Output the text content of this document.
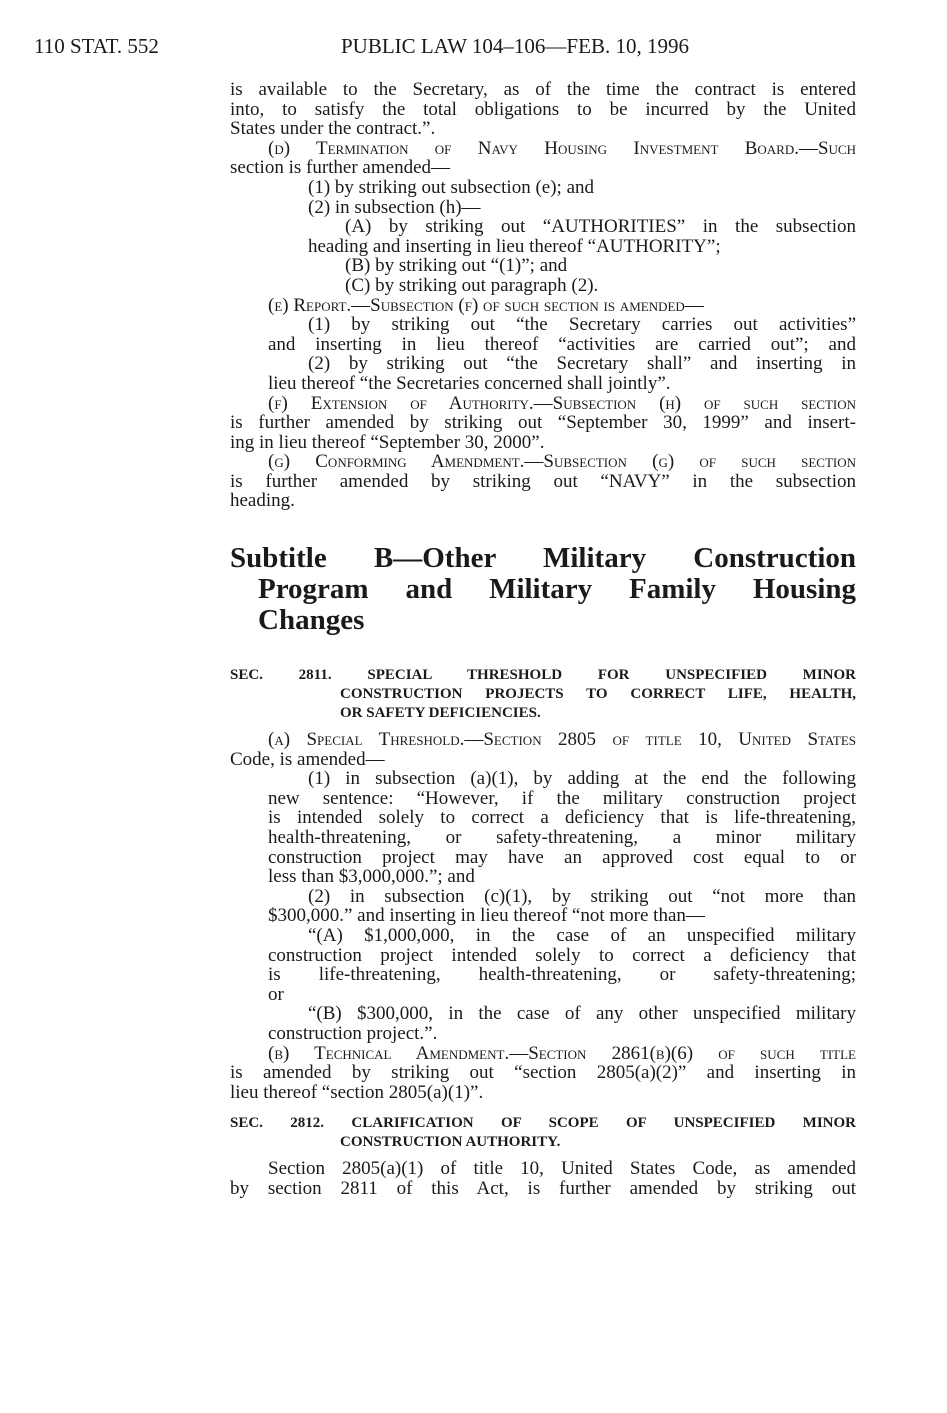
110 STAT. 552	PUBLIC LAW 104–106—FEB. 10, 1996
is available to the Secretary, as of the time the contract is entered
into, to satisfy the total obligations to be incurred by the United
States under the contract.”.
(d) Termination of Navy Housing Investment Board.—Such
section is further amended—
(1) by striking out subsection (e); and
(2) in subsection (h)—
(A) by striking out “AUTHORITIES” in the subsection
heading and inserting in lieu thereof “AUTHORITY”;
(B) by striking out “(1)”; and
(C) by striking out paragraph (2).
(e) Report.—Subsection (f) of such section is amended—
(1) by striking out “the Secretary carries out activities”
and inserting in lieu thereof “activities are carried out”; and
(2) by striking out “the Secretary shall” and inserting in
lieu thereof “the Secretaries concerned shall jointly”.
(f) Extension of Authority.—Subsection (h) of such section
is further amended by striking out “September 30, 1999” and insert-
ing in lieu thereof “September 30, 2000”.
(g) Conforming Amendment.—Subsection (g) of such section
is further amended by striking out “NAVY” in the subsection
heading.
Subtitle B—Other Military Construction
Program and Military Family Housing
Changes
SEC. 2811. SPECIAL THRESHOLD FOR UNSPECIFIED MINOR
CONSTRUCTION PROJECTS TO CORRECT LIFE, HEALTH,
OR SAFETY DEFICIENCIES.
(a) Special Threshold.—Section 2805 of title 10, United States
Code, is amended—
(1) in subsection (a)(1), by adding at the end the following
new sentence: “However, if the military construction project
is intended solely to correct a deficiency that is life-threatening,
health-threatening, or safety-threatening, a minor military
construction project may have an approved cost equal to or
less than $3,000,000.”; and
(2) in subsection (c)(1), by striking out “not more than
$300,000.” and inserting in lieu thereof “not more than—
“(A) $1,000,000, in the case of an unspecified military
construction project intended solely to correct a deficiency that
is life-threatening, health-threatening, or safety-threatening;
or
“(B) $300,000, in the case of any other unspecified military
construction project.”.
(b) Technical Amendment.—Section 2861(b)(6) of such title
is amended by striking out “section 2805(a)(2)” and inserting in
lieu thereof “section 2805(a)(1)”.
SEC. 2812. CLARIFICATION OF SCOPE OF UNSPECIFIED MINOR
CONSTRUCTION AUTHORITY.
Section 2805(a)(1) of title 10, United States Code, as amended
by section 2811 of this Act, is further amended by striking out
